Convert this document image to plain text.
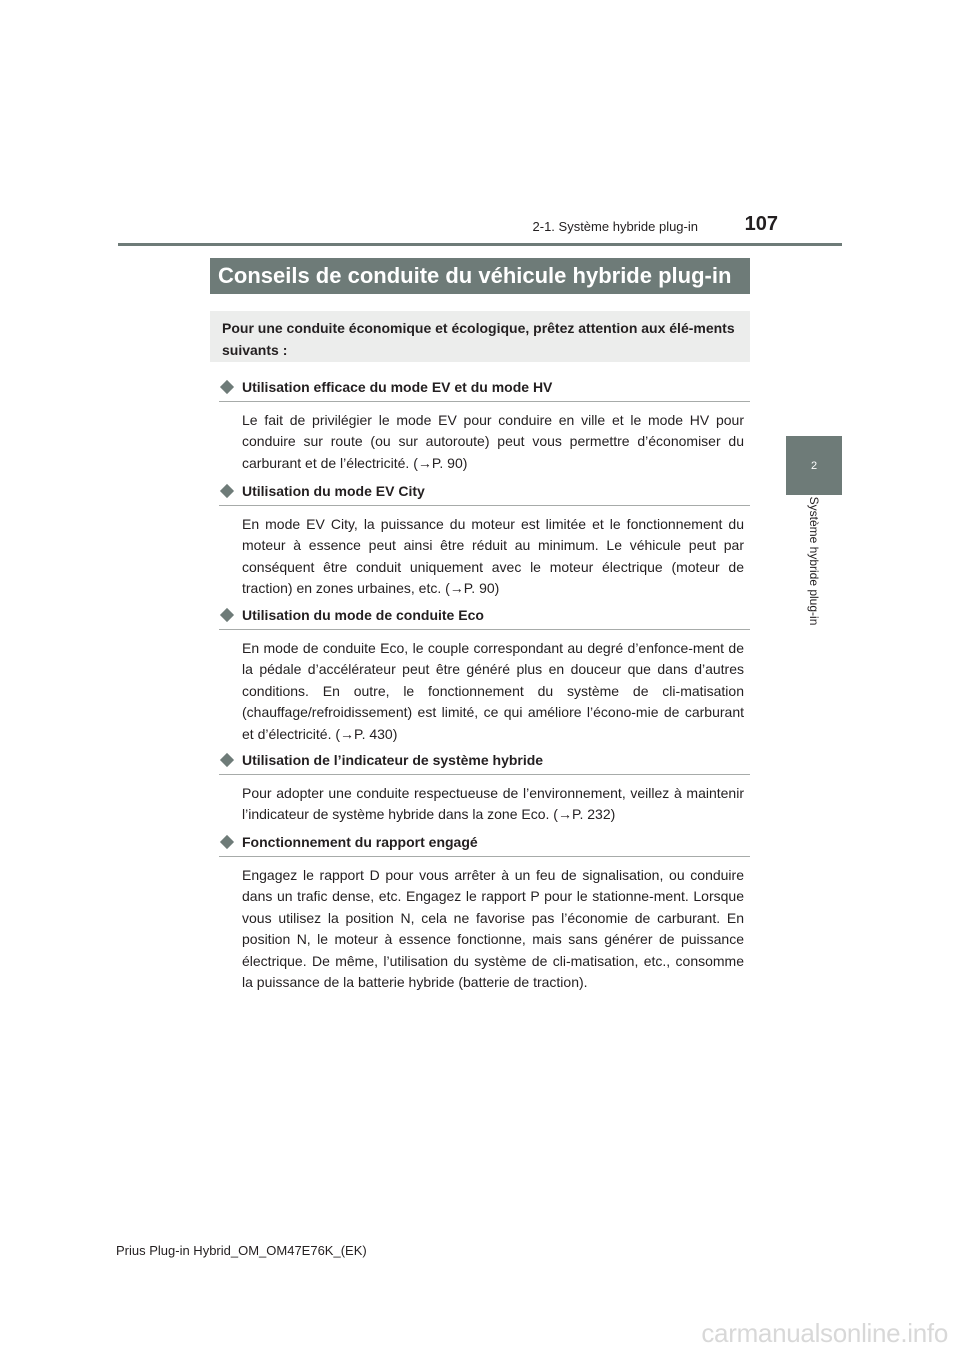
2-1. Système hybride plug-in	107
2
Système hybride plug-in
Conseils de conduite du véhicule hybride plug-in
Pour une conduite économique et écologique, prêtez attention aux élé-ments suivants :
Utilisation efficace du mode EV et du mode HV
Le fait de privilégier le mode EV pour conduire en ville et le mode HV pour conduire sur route (ou sur autoroute) peut vous permettre d’économiser du carburant et de l’électricité. (→P. 90)
Utilisation du mode EV City
En mode EV City, la puissance du moteur est limitée et le fonctionnement du moteur à essence peut ainsi être réduit au minimum. Le véhicule peut par conséquent être conduit uniquement avec le moteur électrique (moteur de traction) en zones urbaines, etc. (→P. 90)
Utilisation du mode de conduite Eco
En mode de conduite Eco, le couple correspondant au degré d’enfonce-ment de la pédale d’accélérateur peut être généré plus en douceur que dans d’autres conditions. En outre, le fonctionnement du système de cli-matisation (chauffage/refroidissement) est limité, ce qui améliore l’écono-mie de carburant et d’électricité. (→P. 430)
Utilisation de l’indicateur de système hybride
Pour adopter une conduite respectueuse de l’environnement, veillez à maintenir l’indicateur de système hybride dans la zone Eco. (→P. 232)
Fonctionnement du rapport engagé
Engagez le rapport D pour vous arrêter à un feu de signalisation, ou conduire dans un trafic dense, etc. Engagez le rapport P pour le stationne-ment. Lorsque vous utilisez la position N, cela ne favorise pas l’économie de carburant. En position N, le moteur à essence fonctionne, mais sans générer de puissance électrique. De même, l’utilisation du système de cli-matisation, etc., consomme la puissance de la batterie hybride (batterie de traction).
Prius Plug-in Hybrid_OM_OM47E76K_(EK)
carmanualsonline.info
